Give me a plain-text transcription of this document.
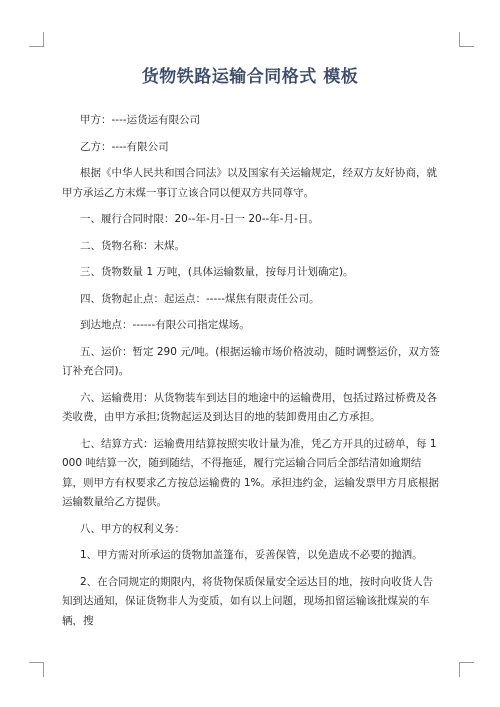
货物铁路运输合同格式 模板

甲方：----运货运有限公司

乙方：----有限公司

根据《中华人民共和国合同法》以及国家有关运输规定，经双方友好协商，就甲方承运乙方末煤一事订立该合同以便双方共同尊守。

一、履行合同时限：20--年-月-日一 20--年-月-日。

二、货物名称：末煤。

三、货物数量 1 万吨，(具体运输数量，按每月计划确定)。

四、货物起止点：起运点：-----煤焦有限责任公司。

到达地点：------有限公司指定煤场。

五、运价：暂定 290 元/吨。(根据运输市场价格波动，随时调整运价，双方签订补充合同)。

六、运输费用：从货物装车到达目的地途中的运输费用，包括过路过桥费及各类收费，由甲方承担;货物起运及到达目的地的装卸费用由乙方承担。

七、结算方式：运输费用结算按照实收计量为准，凭乙方开具的过磅单，每 1000 吨结算一次，随到随结，不得拖延，履行完运输合同后全部结清如逾期结算，则甲方有权要求乙方按总运输费的 1%。承担违约金，运输发票甲方月底根据运输数量给乙方提供。

八、甲方的权利义务：

1、甲方需对所承运的货物加盖篷布，妥善保管，以免造成不必要的抛洒。

2、在合同规定的期限内，将货物保质保量安全运达目的地，按时向收货人告知到达通知，保证货物非人为变质，如有以上问题，现场扣留运输该批煤炭的车辆，搜
